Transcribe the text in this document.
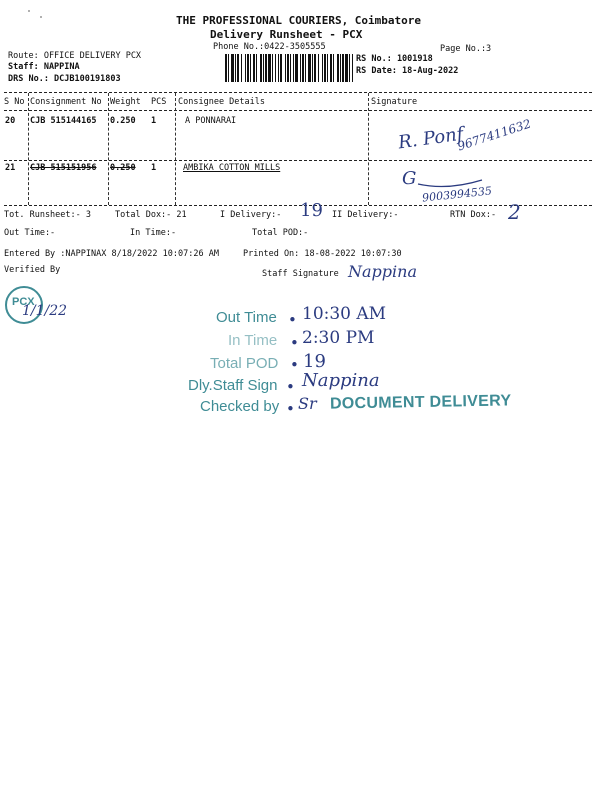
THE PROFESSIONAL COURIERS, Coimbatore
Delivery Runsheet - PCX
Phone No.:0422-3505555	Page No.:3
RS No.: 1001918
RS Date: 18-Aug-2022
Route: OFFICE DELIVERY PCX
Staff: NAPPINA
DRS No.: DCJB100191803
S No Consignment No Weight PCS Consignee Details	Signature
20 CJB 515144165 0.250 1	A PONNARAI
R. Ponf
9677411632
21 CJB 515151956 0.250 1	AMBIKA COTTON MILLS	G
9003994535
Tot. Runsheet:- 3	Total Dox:- 21	I Delivery:- 19 II Delivery:-	RTN Dox:- 2
Out Time:-	In Time:-	Total POD:-
Entered By :NAPPINAX 8/18/2022 10:07:26 AM	Printed On: 18-08-2022 10:07:30
Verified By	Staff Signature Nappina
PCX
1/1/22	Out Time
In Time
Total POD
Dly.Staff Sign
Checked by
•
•
•
•
•
10:30 AM
2:30 PM
19
Nappina
Sr DOCUMENT DELIVERY
